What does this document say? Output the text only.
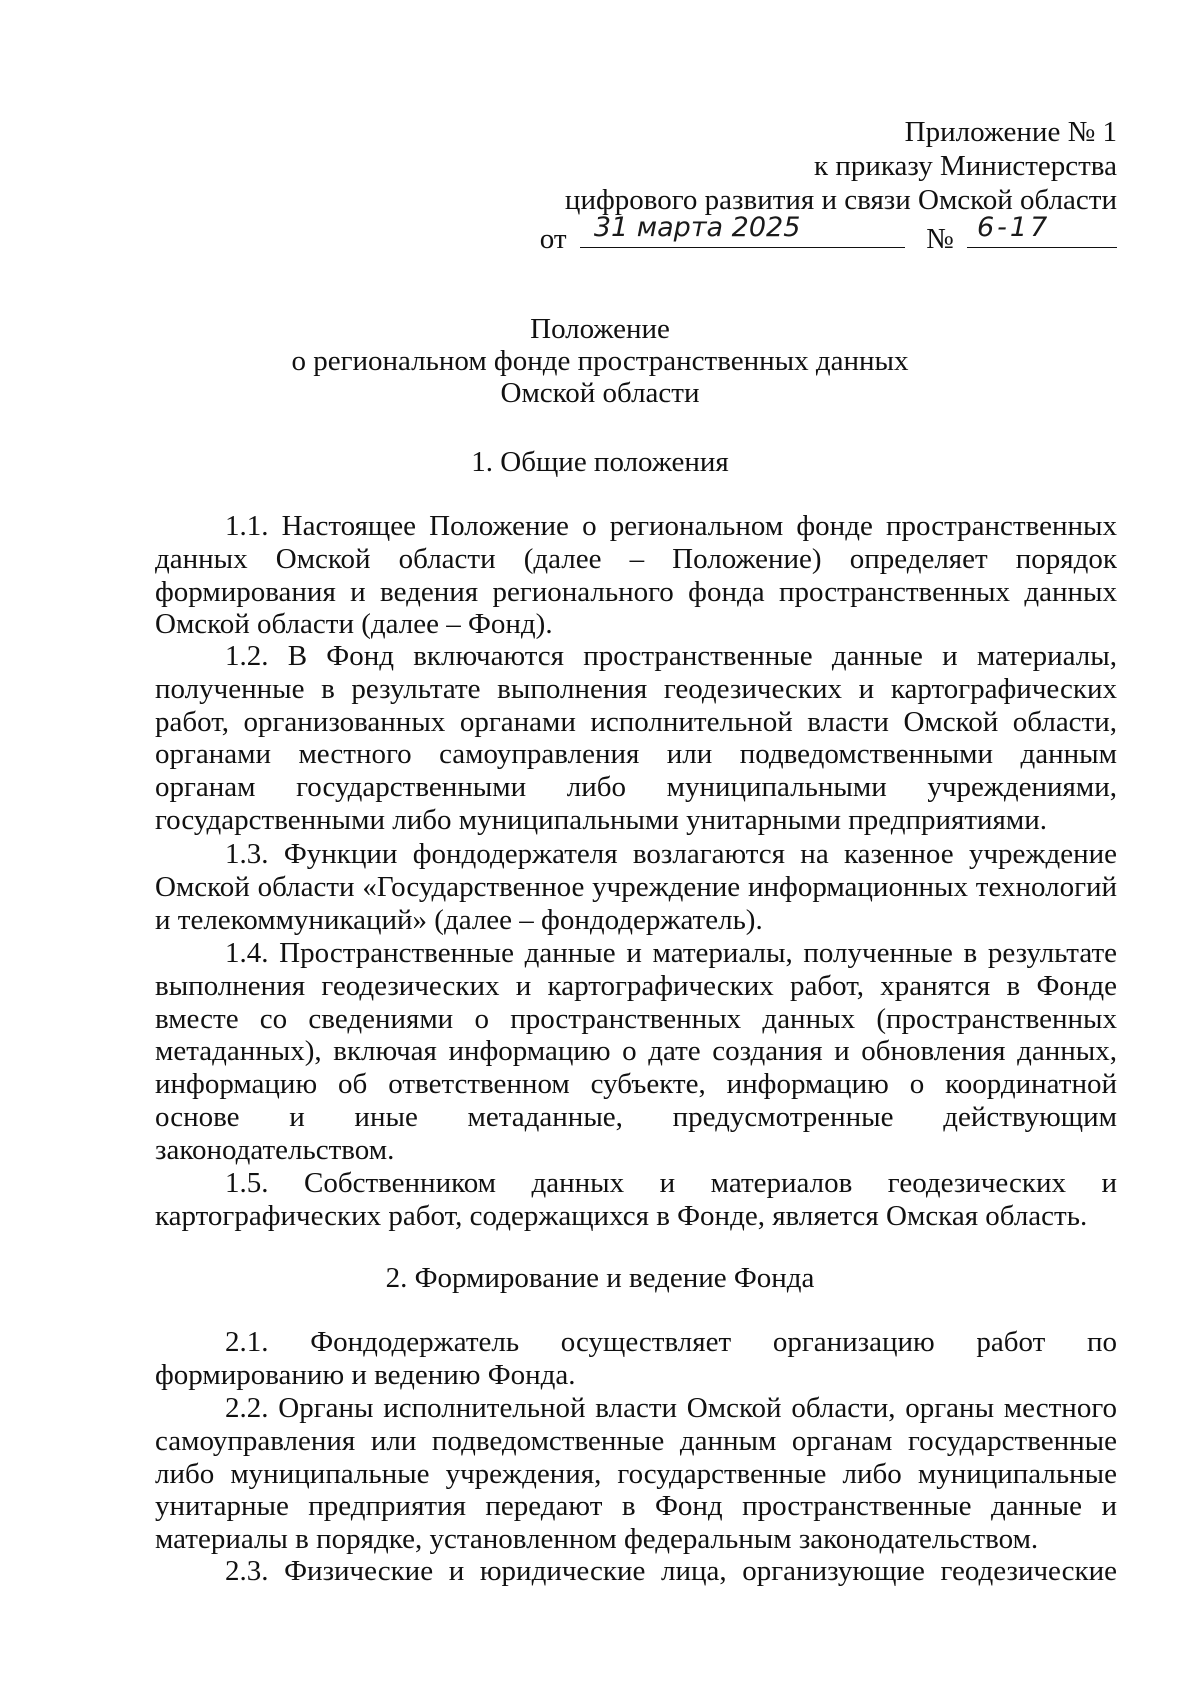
Приложение № 1
к приказу Министерства
цифрового развития и связи Омской области
от 31 марта 2025	№ 6-17
Положение
о региональном фонде пространственных данных
Омской области
1. Общие положения
1.1. Настоящее Положение о региональном фонде пространственных данных Омской области (далее – Положение) определяет порядок формирования и ведения регионального фонда пространственных данных Омской области (далее – Фонд).
1.2. В Фонд включаются пространственные данные и материалы, полученные в результате выполнения геодезических и картографических работ, организованных органами исполнительной власти Омской области, органами местного самоуправления или подведомственными данным органам государственными либо муниципальными учреждениями, государственными либо муниципальными унитарными предприятиями.
1.3. Функции фондодержателя возлагаются на казенное учреждение Омской области «Государственное учреждение информационных технологий и телекоммуникаций» (далее – фондодержатель).
1.4. Пространственные данные и материалы, полученные в результате выполнения геодезических и картографических работ, хранятся в Фонде вместе со сведениями о пространственных данных (пространственных метаданных), включая информацию о дате создания и обновления данных, информацию об ответственном субъекте, информацию о координатной основе и иные метаданные, предусмотренные действующим законодательством.
1.5. Собственником данных и материалов геодезических и картографических работ, содержащихся в Фонде, является Омская область.
2. Формирование и ведение Фонда
2.1. Фондодержатель осуществляет организацию работ по формированию и ведению Фонда.
2.2. Органы исполнительной власти Омской области, органы местного самоуправления или подведомственные данным органам государственные либо муниципальные учреждения, государственные либо муниципальные унитарные предприятия передают в Фонд пространственные данные и материалы в порядке, установленном федеральным законодательством.
2.3. Физические и юридические лица, организующие геодезические
